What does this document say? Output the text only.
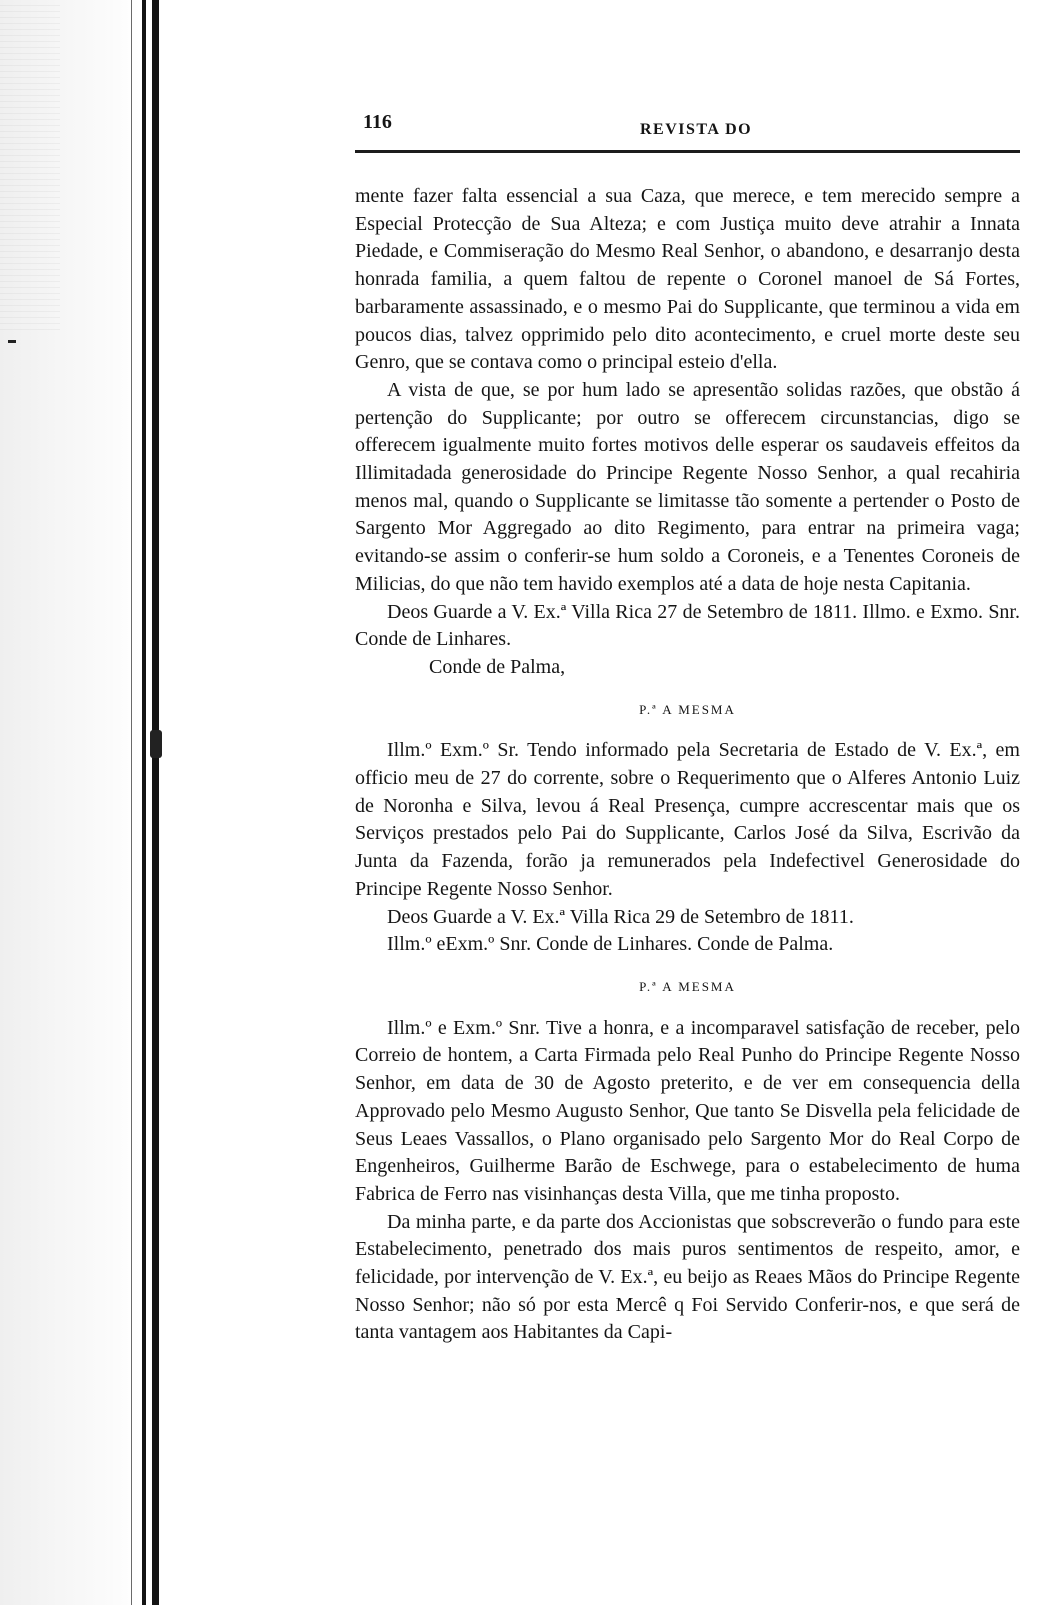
116	REVISTA DO

mente fazer falta essencial a sua Caza, que merece, e tem merecido sempre a Especial Protecção de Sua Alteza; e com Justiça muito deve atrahir a Innata Piedade, e Commiseração do Mesmo Real Senhor, o abandono, e desarranjo desta honrada familia, a quem faltou de repente o Coronel manoel de Sá Fortes, barbaramente assassinado, e o mesmo Pai do Supplicante, que terminou a vida em poucos dias, talvez opprimido pelo dito acontecimento, e cruel morte deste seu Genro, que se contava como o principal esteio d'ella.

A vista de que, se por hum lado se apresentão solidas razões, que obstão á pertenção do Supplicante; por outro se offerecem circunstancias, digo se offerecem igualmente muito fortes motivos delle esperar os saudaveis effeitos da Illimitadada generosidade do Principe Regente Nosso Senhor, a qual recahiria menos mal, quando o Supplicante se limitasse tão somente a pertender o Posto de Sargento Mor Aggregado ao dito Regimento, para entrar na primeira vaga; evitando-se assim o conferir-se hum soldo a Coroneis, e a Tenentes Coroneis de Milicias, do que não tem havido exemplos até a data de hoje nesta Capitania.

Deos Guarde a V. Ex.ª Villa Rica 27 de Setembro de 1811. Illmo. e Exmo. Snr. Conde de Linhares.

Conde de Palma,

P.ª A MESMA

Illm.º Exm.º Sr. Tendo informado pela Secretaria de Estado de V. Ex.ª, em officio meu de 27 do corrente, sobre o Requerimento que o Alferes Antonio Luiz de Noronha e Silva, levou á Real Presença, cumpre accrescentar mais que os Serviços prestados pelo Pai do Supplicante, Carlos José da Silva, Escrivão da Junta da Fazenda, forão ja remunerados pela Indefectivel Generosidade do Principe Regente Nosso Senhor.

Deos Guarde a V. Ex.ª Villa Rica 29 de Setembro de 1811.

Illm.º eExm.º Snr. Conde de Linhares. Conde de Palma.

P.ª A MESMA

Illm.º e Exm.º Snr. Tive a honra, e a incomparavel satisfação de receber, pelo Correio de hontem, a Carta Firmada pelo Real Punho do Principe Regente Nosso Senhor, em data de 30 de Agosto preterito, e de ver em consequencia della Approvado pelo Mesmo Augusto Senhor, Que tanto Se Disvella pela felicidade de Seus Leaes Vassallos, o Plano organisado pelo Sargento Mor do Real Corpo de Engenheiros, Guilherme Barão de Eschwege, para o estabelecimento de huma Fabrica de Ferro nas visinhanças desta Villa, que me tinha proposto.

Da minha parte, e da parte dos Accionistas que sobscreverão o fundo para este Estabelecimento, penetrado dos mais puros sentimentos de respeito, amor, e felicidade, por intervenção de V. Ex.ª, eu beijo as Reaes Mãos do Principe Regente Nosso Senhor; não só por esta Mercê q Foi Servido Conferir-nos, e que será de tanta vantagem aos Habitantes da Capi-
